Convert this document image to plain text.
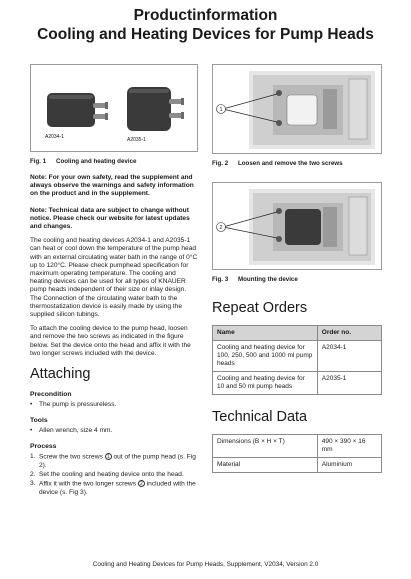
Productinformation
Cooling and Heating Devices for Pump Heads
A2034-1	A2035-1
Fig. 1 Cooling and heating device

Note: For your own safety, read the supplement and always observe the warnings and safety information on the product and in the supplement.

Note: Technical data are subject to change without notice. Please check our website for latest updates and changes.

The cooling and heating devices A2034-1 and A2035-1 can heat or cool down the temperature of the pump head with an external circulating water bath in the range of 0°C up to 120°C. Please check pumphead specification for maximum operating temperature. The cooling and heating devices can be used for all types of KNAUER pump heads independent of their size or inlay design. The Connection of the circulating water bath to the thermostatization device is easily made by using the supplied silicon tubings.

To attach the cooling device to the pump head, loosen and remove the two screws as indicated in the figure below. Set the device onto the head and affix it with the two longer screws included with the device.

Attaching
Precondition
• The pump is pressureless.
Tools
• Allen wrench, size 4 mm.
Process
1. Screw the two screws 1 out of the pump head (s. Fig 2).
2. Set the cooling and heating device onto the head.
3. Affix it with the two longer screws 2 included with the device (s. Fig 3).
1
Fig. 2 Loosen and remove the two screws
2
Fig. 3 Mounting the device
Repeat Orders
Name	Order no.
Cooling and heating device for 100, 250, 500 and 1000 ml pump heads	A2034-1
Cooling and heating device for 10 and 50 ml pump heads	A2035-1
Technical Data
Dimensions (B × H × T)	490 × 390 × 16 mm
Material	Aluminium
Cooling and Heating Devices for Pump Heads, Supplement, V2034, Version 2.0
